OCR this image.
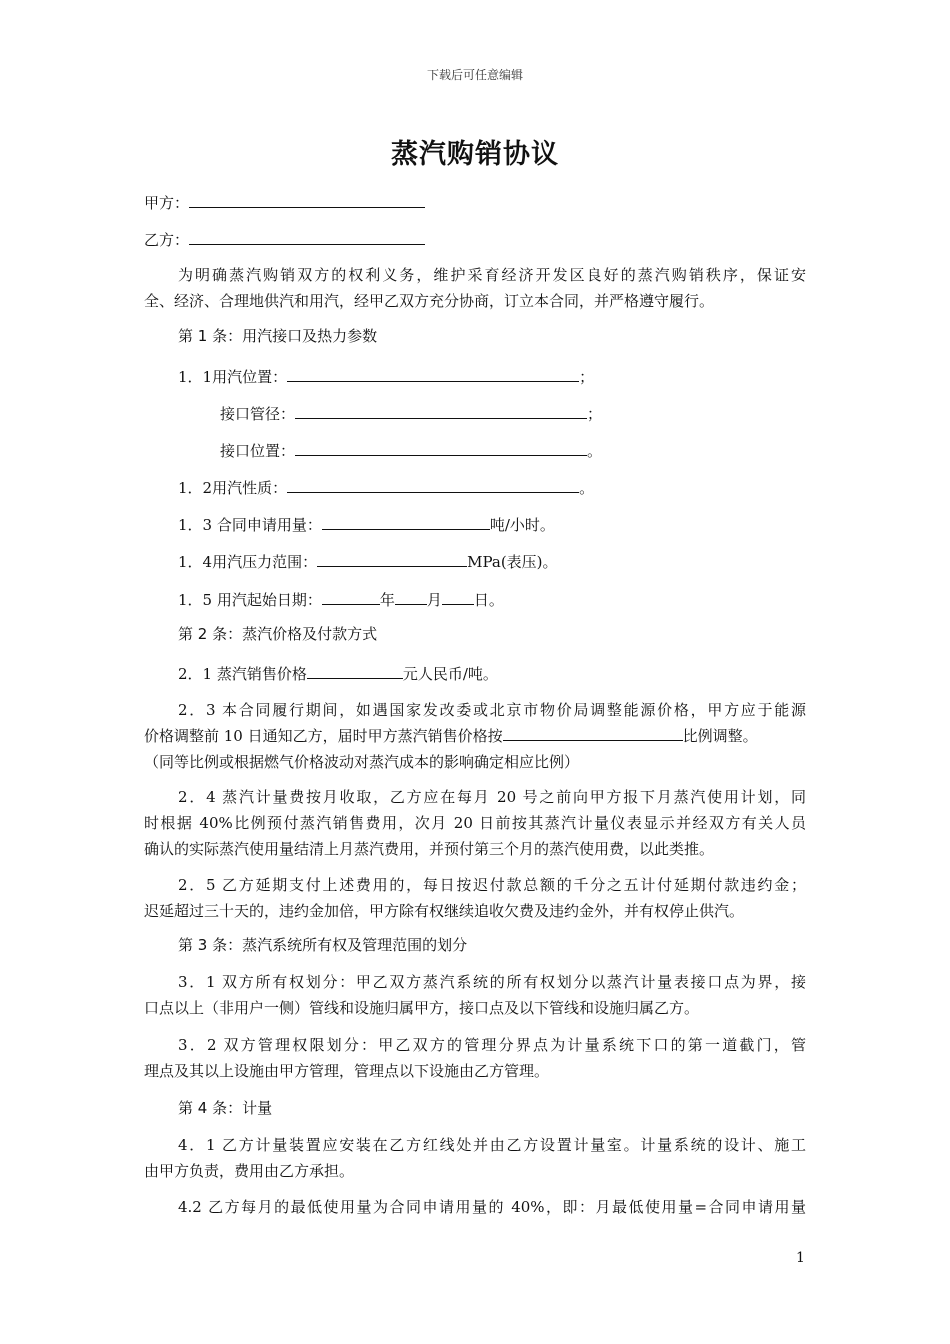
下载后可任意编辑
蒸汽购销协议
甲方：
乙方：
为明确蒸汽购销双方的权利义务，维护采育经济开发区良好的蒸汽购销秩序，保证安
全、经济、合理地供汽和用汽，经甲乙双方充分协商，订立本合同，并严格遵守履行。
第 1 条：用汽接口及热力参数
1．1用汽位置：	；
接口管径：	；
接口位置：	。
1．2用汽性质：	。
1．3 合同申请用量：	吨/小时。
1．4用汽压力范围：	MPa(表压)。
1．5 用汽起始日期：	年 月 日。
第 2 条：蒸汽价格及付款方式
2．1 蒸汽销售价格	元人民币/吨。
2．3 本合同履行期间，如遇国家发改委或北京市物价局调整能源价格，甲方应于能源
价格调整前 10 日通知乙方，届时甲方蒸汽销售价格按	比例调整。
（同等比例或根据燃气价格波动对蒸汽成本的影响确定相应比例）
2．4 蒸汽计量费按月收取，乙方应在每月 20 号之前向甲方报下月蒸汽使用计划，同
时根据 40%比例预付蒸汽销售费用，次月 20 日前按其蒸汽计量仪表显示并经双方有关人员
确认的实际蒸汽使用量结清上月蒸汽费用，并预付第三个月的蒸汽使用费，以此类推。
2．5 乙方延期支付上述费用的，每日按迟付款总额的千分之五计付延期付款违约金；
迟延超过三十天的，违约金加倍，甲方除有权继续追收欠费及违约金外，并有权停止供汽。
第 3 条：蒸汽系统所有权及管理范围的划分
3．1 双方所有权划分：甲乙双方蒸汽系统的所有权划分以蒸汽计量表接口点为界，接
口点以上（非用户一侧）管线和设施归属甲方，接口点及以下管线和设施归属乙方。
3．2 双方管理权限划分：甲乙双方的管理分界点为计量系统下口的第一道截门，管
理点及其以上设施由甲方管理，管理点以下设施由乙方管理。
第 4 条：计量
4．1 乙方计量装置应安装在乙方红线处并由乙方设置计量室。计量系统的设计、施工
由甲方负责，费用由乙方承担。
4.2 乙方每月的最低使用量为合同申请用量的 40%，即：月最低使用量=合同申请用量
1
